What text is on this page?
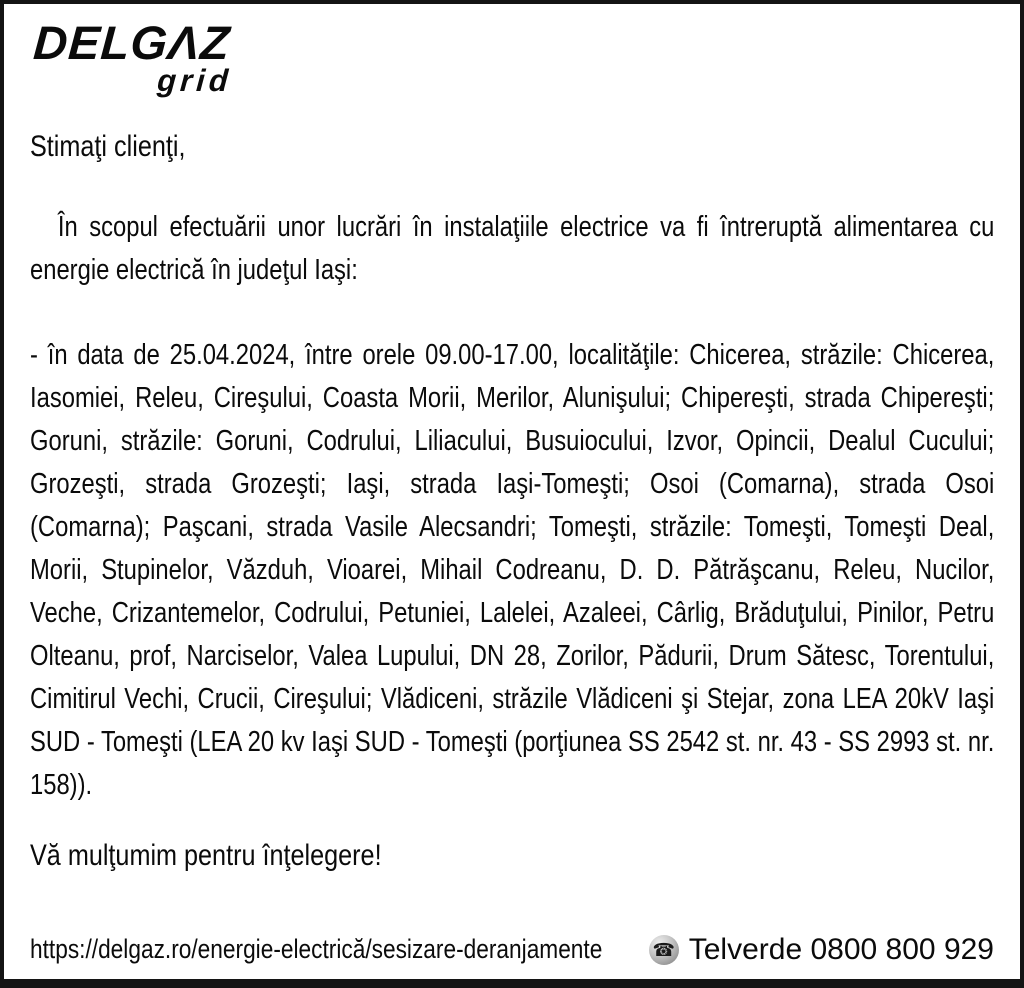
DELGΛZ
grid

Stimaţi clienţi,

În scopul efectuării unor lucrări în instalaţiile electrice va fi întreruptă alimentarea cu energie electrică în judeţul Iaşi:

- în data de 25.04.2024, între orele 09.00-17.00, localităţile: Chicerea, străzile: Chicerea, Iasomiei, Releu, Cireşului, Coasta Morii, Merilor, Alunişului; Chipereşti, strada Chipereşti; Goruni, străzile: Goruni, Codrului, Liliacului, Busuiocului, Izvor, Opincii, Dealul Cucului; Grozeşti, strada Grozeşti; Iaşi, strada Iaşi-Tomeşti; Osoi (Comarna), strada Osoi (Comarna); Paşcani, strada Vasile Alecsandri; Tomeşti, străzile: Tomeşti, Tomeşti Deal, Morii, Stupinelor, Văzduh, Vioarei, Mihail Codreanu, D. D. Pătrăşcanu, Releu, Nucilor, Veche, Crizantemelor, Codrului, Petuniei, Lalelei, Azaleei, Cârlig, Brăduţului, Pinilor, Petru Olteanu, prof, Narciselor, Valea Lupului, DN 28, Zorilor, Pădurii, Drum Sătesc, Torentului, Cimitirul Vechi, Crucii, Cireşului; Vlădiceni, străzile Vlădiceni şi Stejar, zona LEA 20kV Iaşi SUD - Tomeşti (LEA 20 kv Iaşi SUD - Tomeşti (porţiunea SS 2542 st. nr. 43 - SS 2993 st. nr. 158)).

Vă mulţumim pentru înţelegere!

https://delgaz.ro/energie-electrică/sesizare-deranjamente	☎ Telverde 0800 800 929
